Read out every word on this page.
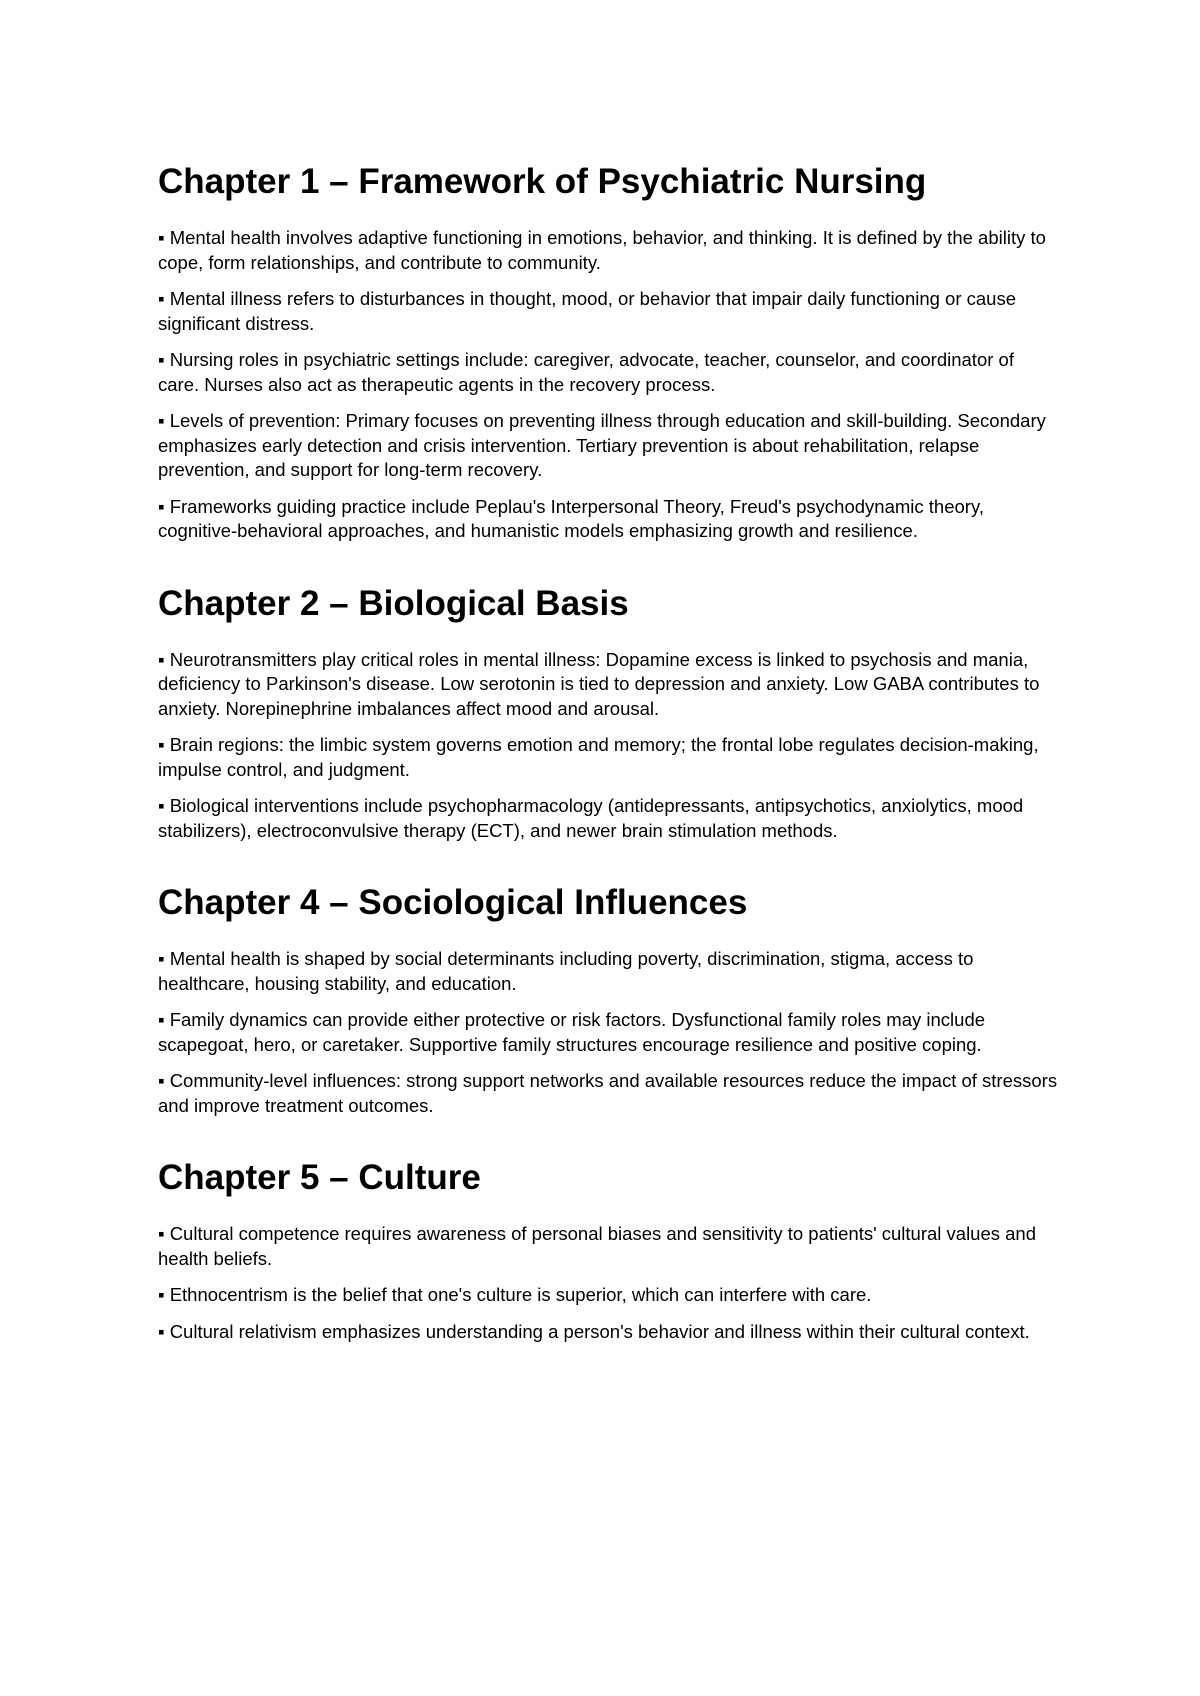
Chapter 1 – Framework of Psychiatric Nursing

▪ Mental health involves adaptive functioning in emotions, behavior, and thinking. It is defined by the ability to cope, form relationships, and contribute to community.

▪ Mental illness refers to disturbances in thought, mood, or behavior that impair daily functioning or cause significant distress.

▪ Nursing roles in psychiatric settings include: caregiver, advocate, teacher, counselor, and coordinator of care. Nurses also act as therapeutic agents in the recovery process.

▪ Levels of prevention: Primary focuses on preventing illness through education and skill-building. Secondary emphasizes early detection and crisis intervention. Tertiary prevention is about rehabilitation, relapse prevention, and support for long-term recovery.

▪ Frameworks guiding practice include Peplau's Interpersonal Theory, Freud's psychodynamic theory, cognitive-behavioral approaches, and humanistic models emphasizing growth and resilience.

Chapter 2 – Biological Basis

▪ Neurotransmitters play critical roles in mental illness: Dopamine excess is linked to psychosis and mania, deficiency to Parkinson's disease. Low serotonin is tied to depression and anxiety. Low GABA contributes to anxiety. Norepinephrine imbalances affect mood and arousal.

▪ Brain regions: the limbic system governs emotion and memory; the frontal lobe regulates decision-making, impulse control, and judgment.

▪ Biological interventions include psychopharmacology (antidepressants, antipsychotics, anxiolytics, mood stabilizers), electroconvulsive therapy (ECT), and newer brain stimulation methods.

Chapter 4 – Sociological Influences

▪ Mental health is shaped by social determinants including poverty, discrimination, stigma, access to healthcare, housing stability, and education.

▪ Family dynamics can provide either protective or risk factors. Dysfunctional family roles may include scapegoat, hero, or caretaker. Supportive family structures encourage resilience and positive coping.

▪ Community-level influences: strong support networks and available resources reduce the impact of stressors and improve treatment outcomes.

Chapter 5 – Culture

▪ Cultural competence requires awareness of personal biases and sensitivity to patients' cultural values and health beliefs.

▪ Ethnocentrism is the belief that one's culture is superior, which can interfere with care.

▪ Cultural relativism emphasizes understanding a person's behavior and illness within their cultural context.
